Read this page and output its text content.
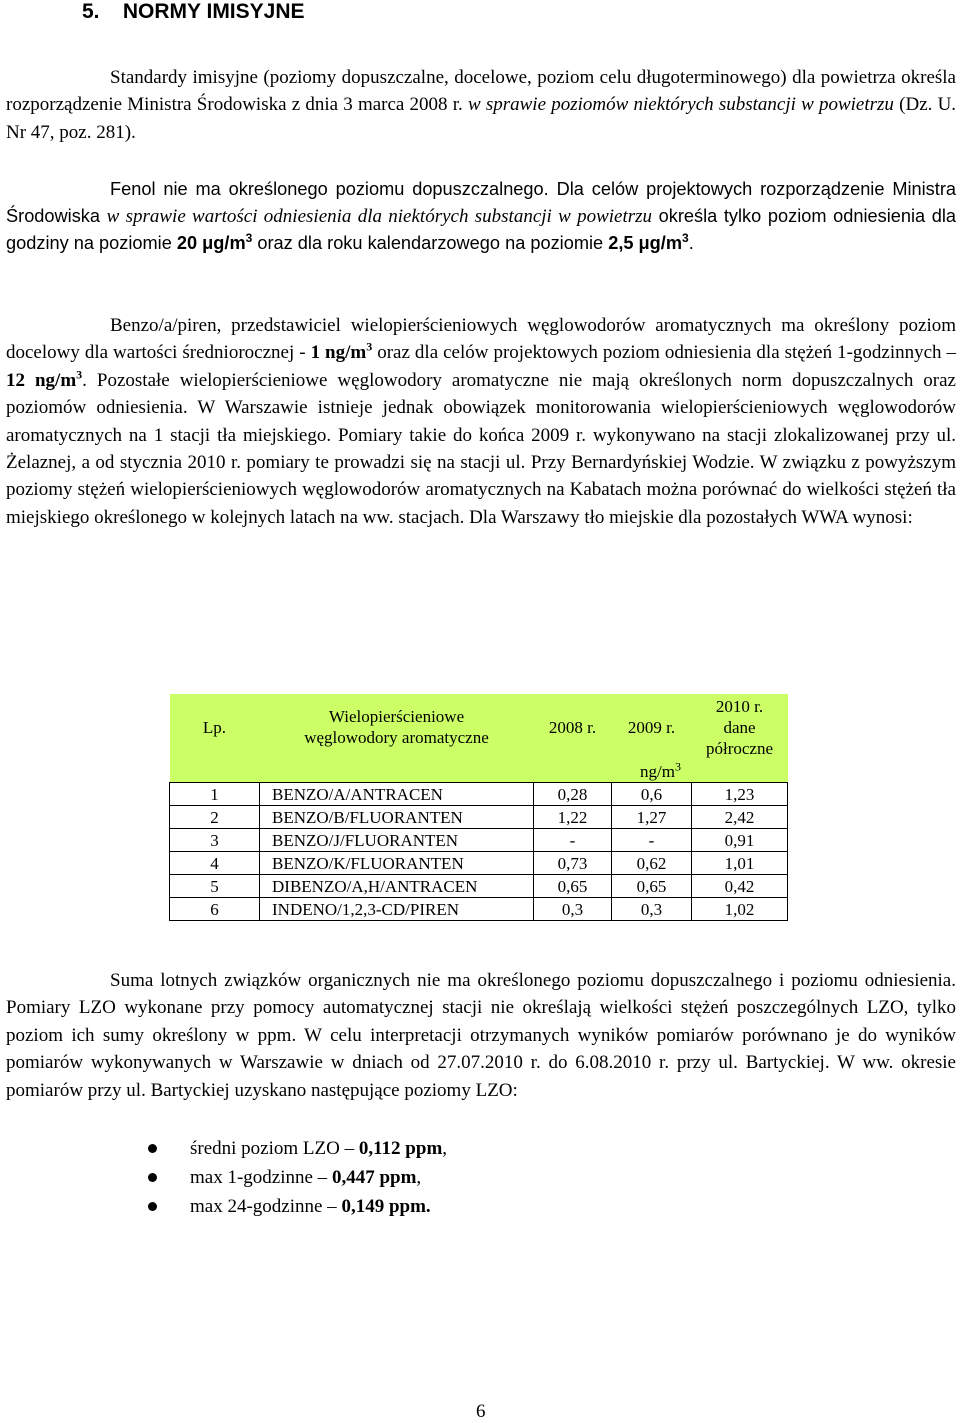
5. NORMY IMISYJNE

Standardy imisyjne (poziomy dopuszczalne, docelowe, poziom celu długoterminowego) dla powietrza określa rozporządzenie Ministra Środowiska z dnia 3 marca 2008 r. w sprawie poziomów niektórych substancji w powietrzu (Dz. U. Nr 47, poz. 281).

Fenol nie ma określonego poziomu dopuszczalnego. Dla celów projektowych rozporządzenie Ministra Środowiska w sprawie wartości odniesienia dla niektórych substancji w powietrzu określa tylko poziom odniesienia dla godziny na poziomie 20 $\mu g/m^3$ oraz dla roku kalendarzowego na poziomie 2,5 $\mu g/m^3$.

Benzo/a/piren, przedstawiciel wielopierścieniowych węglowodorów aromatycznych ma określony poziom docelowy dla wartości średniorocznej - 1 $ng/m^3$ oraz dla celów projektowych poziom odniesienia dla stężeń 1-godzinnych – 12 $ng/m^3$. Pozostałe wielopierścieniowe węglowodory aromatyczne nie mają określonych norm dopuszczalnych oraz poziomów odniesienia. W Warszawie istnieje jednak obowiązek monitorowania wielopierścieniowych węglowodorów aromatycznych na 1 stacji tła miejskiego. Pomiary takie do końca 2009 r. wykonywano na stacji zlokalizowanej przy ul. Żelaznej, a od stycznia 2010 r. pomiary te prowadzi się na stacji ul. Przy Bernardyńskiej Wodzie. W związku z powyższym poziomy stężeń wielopierścieniowych węglowodorów aromatycznych na Kabatach można porównać do wielkości stężeń tła miejskiego określonego w kolejnych latach na ww. stacjach. Dla Warszawy tło miejskie dla pozostałych WWA wynosi:

Lp.	Wielopierścieniowe
węglowodory aromatyczne	2008 r.	2009 r.	2010 r.
dane
półroczne
		$ng/m^3$
1	BENZO/A/ANTRACEN	0,28	0,6	1,23
2	BENZO/B/FLUORANTEN	1,22	1,27	2,42
3	BENZO/J/FLUORANTEN	-	-	0,91
4	BENZO/K/FLUORANTEN	0,73	0,62	1,01
5	DIBENZO/A,H/ANTRACEN	0,65	0,65	0,42
6	INDENO/1,2,3-CD/PIREN	0,3	0,3	1,02

Suma lotnych związków organicznych nie ma określonego poziomu dopuszczalnego i poziomu odniesienia. Pomiary LZO wykonane przy pomocy automatycznej stacji nie określają wielkości stężeń poszczególnych LZO, tylko poziom ich sumy określony w ppm. W celu interpretacji otrzymanych wyników pomiarów porównano je do wyników pomiarów wykonywanych w Warszawie w dniach od 27.07.2010 r. do 6.08.2010 r. przy ul. Bartyckiej. W ww. okresie pomiarów przy ul. Bartyckiej uzyskano następujące poziomy LZO:

średni poziom LZO – 0,112 ppm,
max 1-godzinne – 0,447 ppm,
max 24-godzinne – 0,149 ppm.
6
